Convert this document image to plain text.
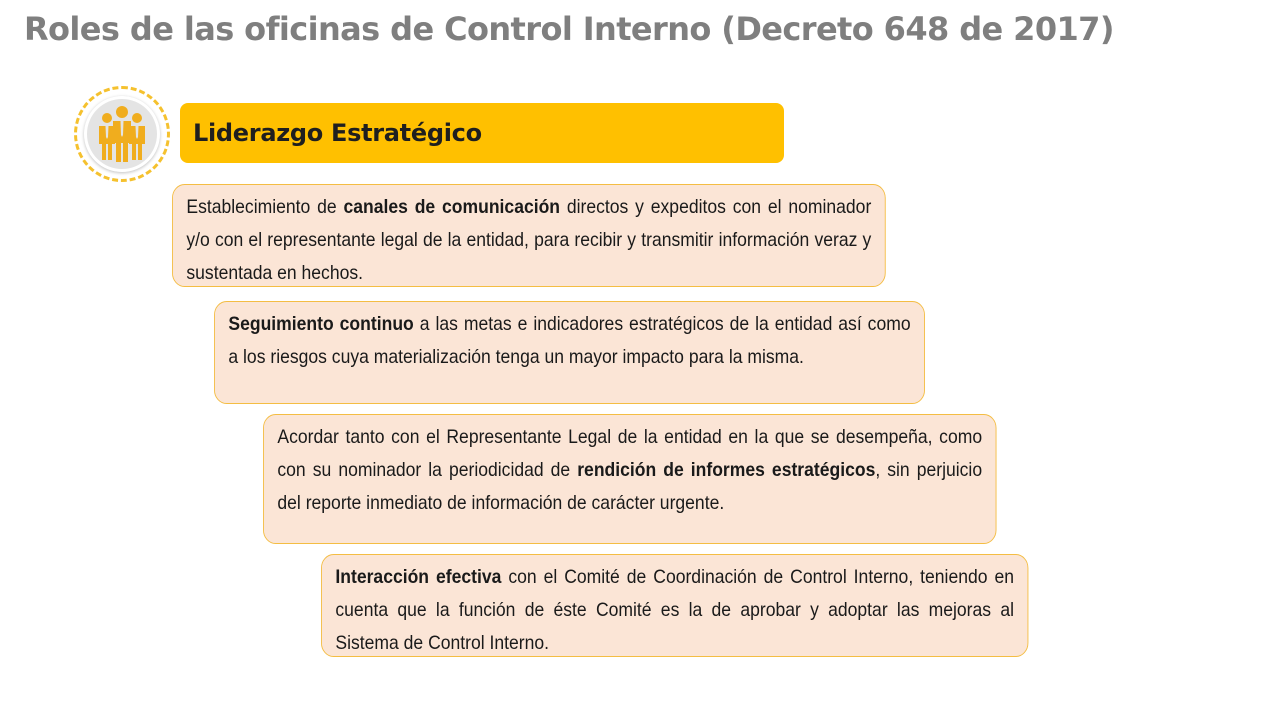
Roles de las oficinas de Control Interno (Decreto 648 de 2017)
Liderazgo Estratégico
Establecimiento de canales de comunicación directos y expeditos con el nominador y/o con el representante legal de la entidad, para recibir y transmitir información veraz y sustentada en hechos.
Seguimiento continuo a las metas e indicadores estratégicos de la entidad así como a los riesgos cuya materialización tenga un mayor impacto para la misma.
Acordar tanto con el Representante Legal de la entidad en la que se desempeña, como con su nominador la periodicidad de rendición de informes estratégicos, sin perjuicio del reporte inmediato de información de carácter urgente.
Interacción efectiva con el Comité de Coordinación de Control Interno, teniendo en cuenta que la función de éste Comité es la de aprobar y adoptar las mejoras al Sistema de Control Interno.
